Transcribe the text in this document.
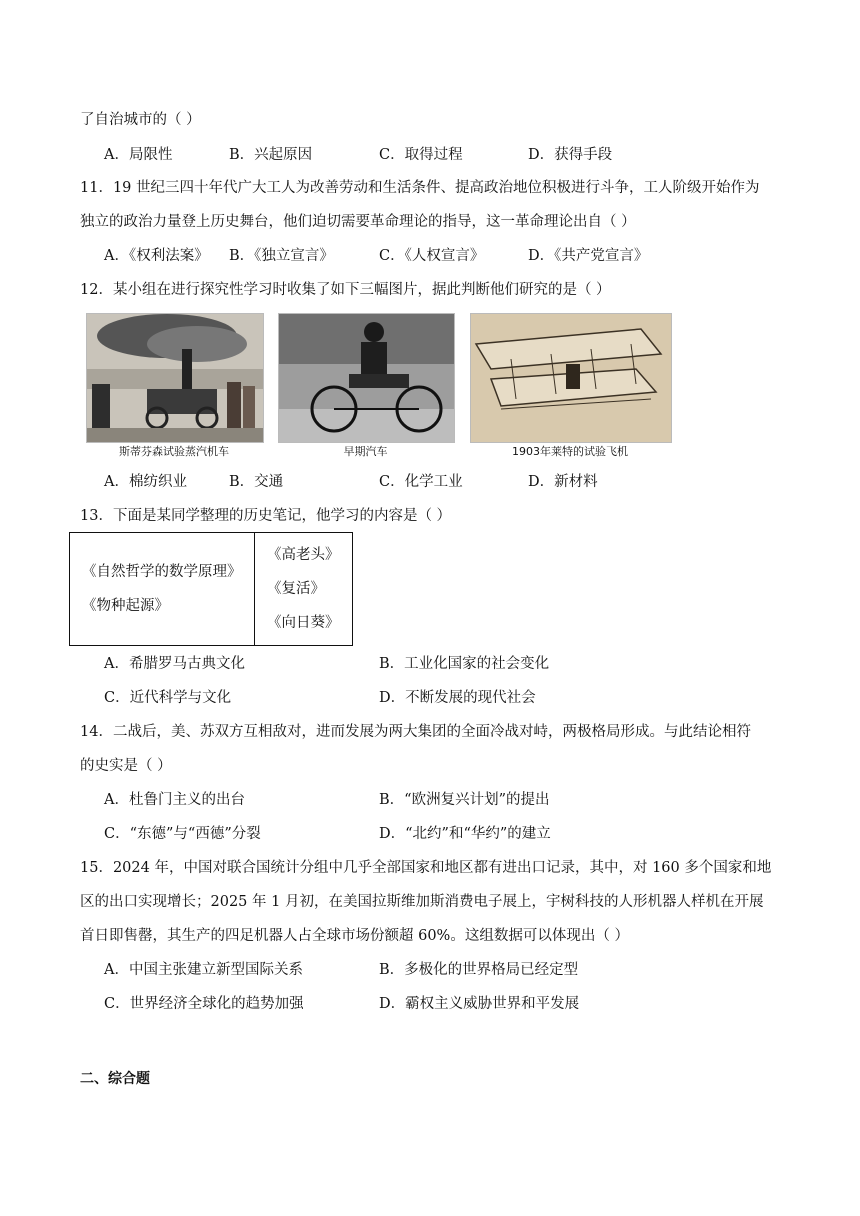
了自治城市的（ ）
A．局限性	B．兴起原因	C．取得过程	D．获得手段
11．19 世纪三四十年代广大工人为改善劳动和生活条件、提高政治地位积极进行斗争，工人阶级开始作为
独立的政治力量登上历史舞台，他们迫切需要革命理论的指导，这一革命理论出自（ ）
A．《权利法案》 B．《独立宣言》	C．《人权宣言》	D．《共产党宣言》
12．某小组在进行探究性学习时收集了如下三幅图片，据此判断他们研究的是（ ）
斯蒂芬森试验蒸汽机车	早期汽车	1903年莱特的试验飞机
A．棉纺织业	B．交通	C．化学工业	D．新材料
13．下面是某同学整理的历史笔记，他学习的内容是（ ）
《自然哲学的数学原理》
《物种起源》

《高老头》
《复活》
《向日葵》
A．希腊罗马古典文化	B．工业化国家的社会变化
C．近代科学与文化	D．不断发展的现代社会
14．二战后，美、苏双方互相敌对，进而发展为两大集团的全面冷战对峙，两极格局形成。与此结论相符
的史实是（ ）
A．杜鲁门主义的出台	B．“欧洲复兴计划”的提出
C．“东德”与“西德”分裂	D．“北约”和“华约”的建立
15．2024 年，中国对联合国统计分组中几乎全部国家和地区都有进出口记录，其中，对 160 多个国家和地
区的出口实现增长；2025 年 1 月初，在美国拉斯维加斯消费电子展上，宇树科技的人形机器人样机在开展
首日即售罄，其生产的四足机器人占全球市场份额超 60%。这组数据可以体现出（ ）
A．中国主张建立新型国际关系	B．多极化的世界格局已经定型
C．世界经济全球化的趋势加强	D．霸权主义威胁世界和平发展
二、综合题
